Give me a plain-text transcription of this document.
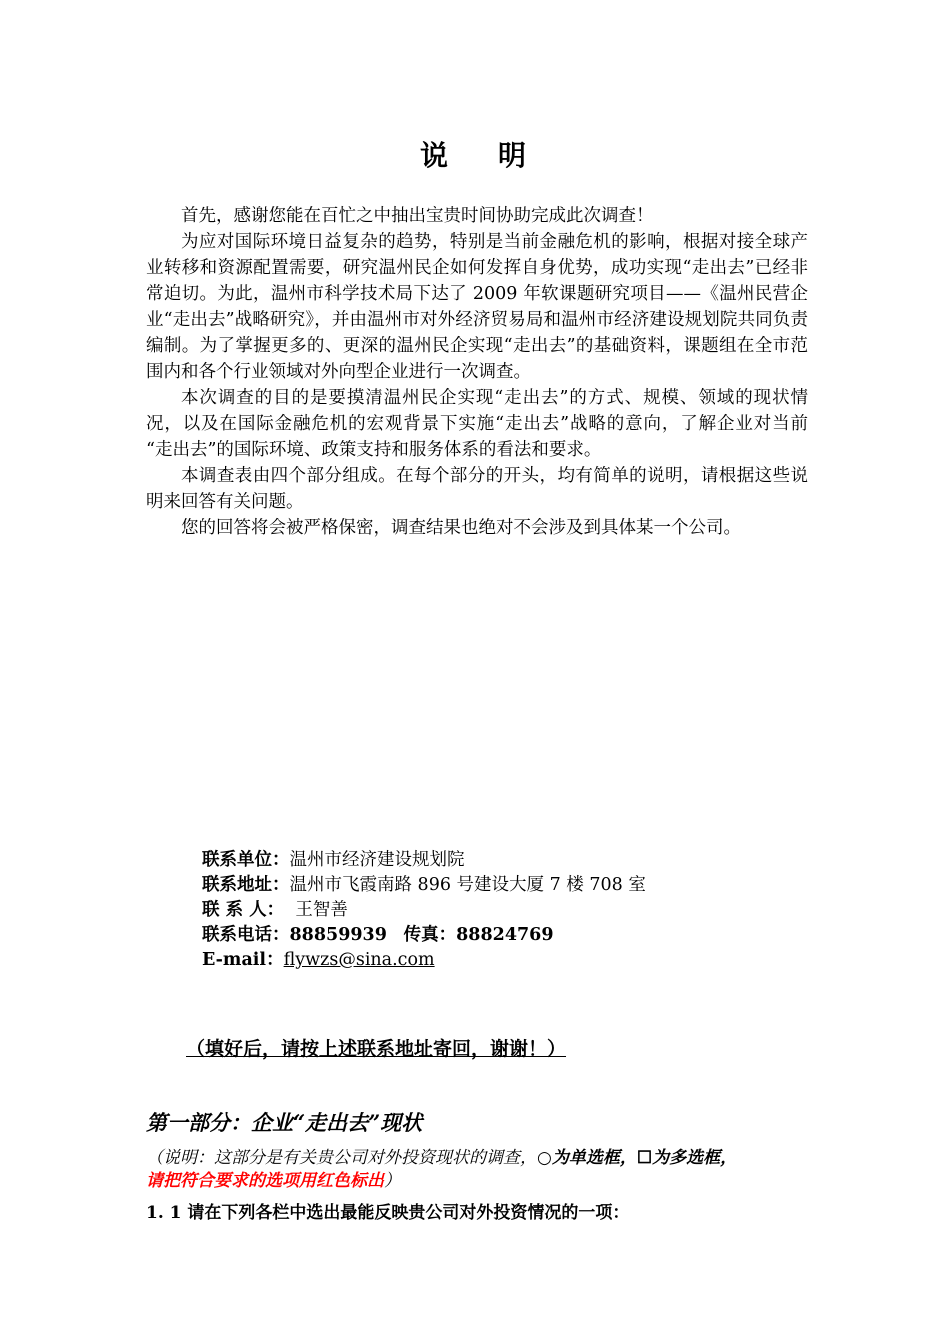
说 明

首先，感谢您能在百忙之中抽出宝贵时间协助完成此次调查！

为应对国际环境日益复杂的趋势，特别是当前金融危机的影响，根据对接全球产业转移和资源配置需要，研究温州民企如何发挥自身优势，成功实现“走出去”已经非常迫切。为此，温州市科学技术局下达了 2009 年软课题研究项目——《温州民营企业“走出去”战略研究》，并由温州市对外经济贸易局和温州市经济建设规划院共同负责编制。为了掌握更多的、更深的温州民企实现“走出去”的基础资料，课题组在全市范围内和各个行业领域对外向型企业进行一次调查。

本次调查的目的是要摸清温州民企实现“走出去”的方式、规模、领域的现状情况，以及在国际金融危机的宏观背景下实施“走出去”战略的意向，了解企业对当前 “走出去”的国际环境、政策支持和服务体系的看法和要求。

本调查表由四个部分组成。在每个部分的开头，均有简单的说明，请根据这些说明来回答有关问题。

您的回答将会被严格保密，调查结果也绝对不会涉及到具体某一个公司。

联系单位：温州市经济建设规划院
联系地址：温州市飞霞南路 896 号建设大厦 7 楼 708 室
联 系 人： 王智善
联系电话：88859939 传真：88824769
E-mail：flywzs@sina.com
（填好后，请按上述联系地址寄回，谢谢！）
第一部分：企业“走出去”现状
（说明：这部分是有关贵公司对外投资现状的调查，○为单选框，☐为多选框，
请把符合要求的选项用红色标出）
1. 1 请在下列各栏中选出最能反映贵公司对外投资情况的一项：
